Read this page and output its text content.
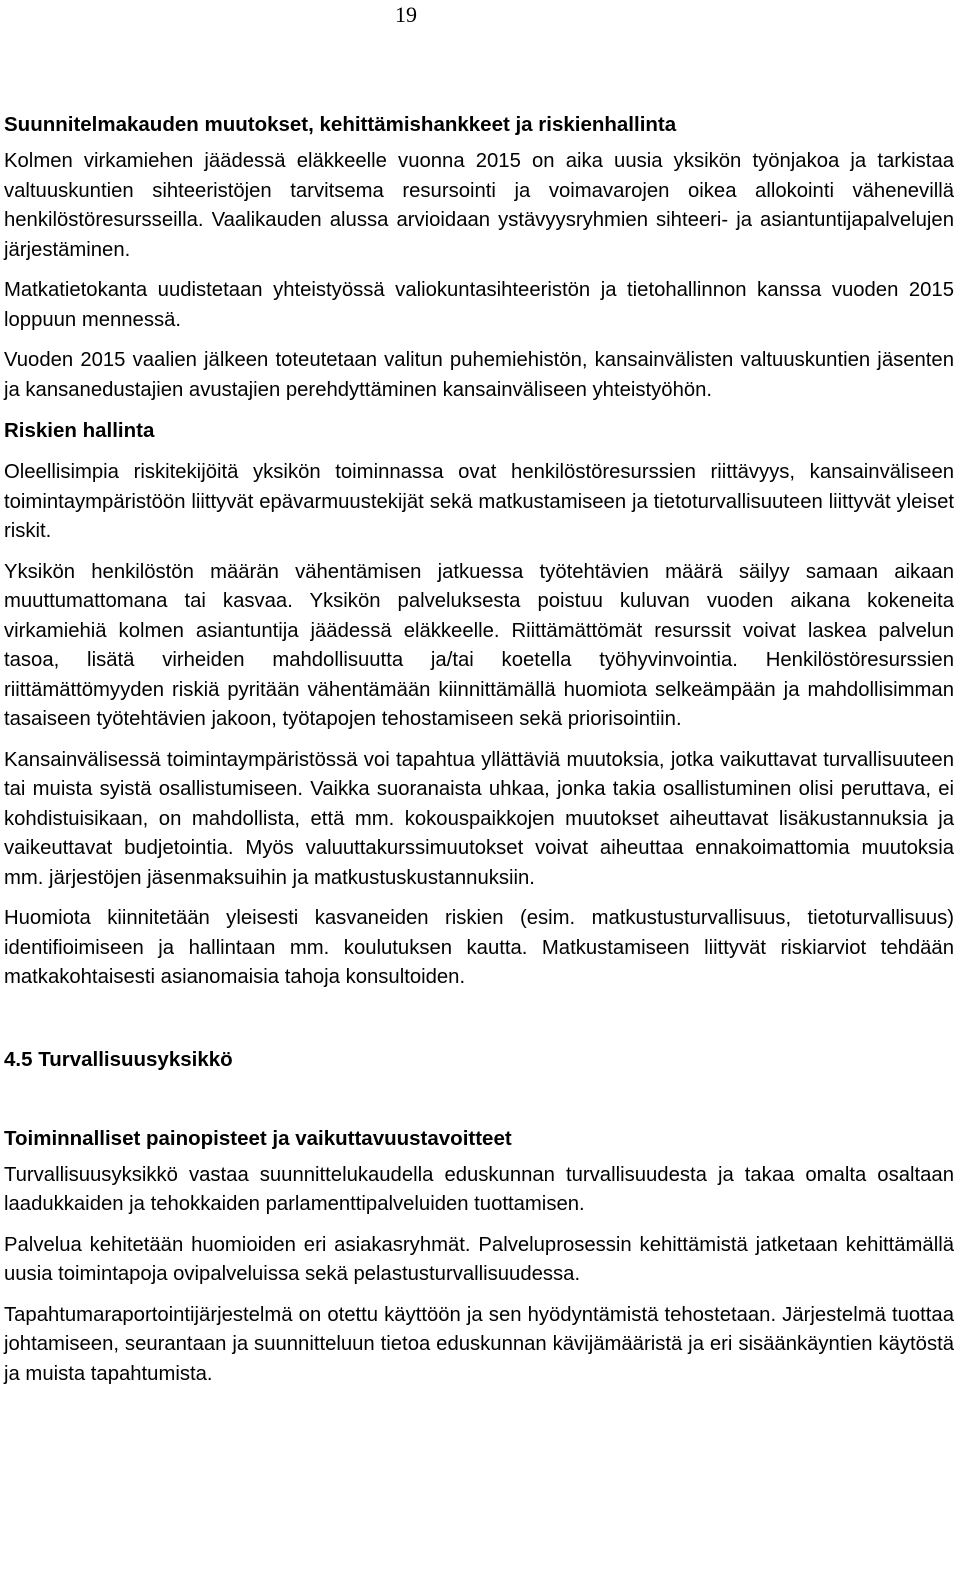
19
Suunnitelmakauden muutokset, kehittämishankkeet ja riskienhallinta

Kolmen virkamiehen jäädessä eläkkeelle vuonna 2015 on aika uusia yksikön työnjakoa ja tarkistaa valtuuskuntien sihteeristöjen tarvitsema resursointi ja voimavarojen oikea allokointi vähenevillä henkilöstöresursseilla. Vaalikauden alussa arvioidaan ystävyysryhmien sihteeri- ja asiantuntijapalvelujen järjestäminen.

Matkatietokanta uudistetaan yhteistyössä valiokuntasihteeristön ja tietohallinnon kanssa vuoden 2015 loppuun mennessä.

Vuoden 2015 vaalien jälkeen toteutetaan valitun puhemiehistön, kansainvälisten valtuuskuntien jäsenten ja kansanedustajien avustajien perehdyttäminen kansainväliseen yhteistyöhön.

Riskien hallinta

Oleellisimpia riskitekijöitä yksikön toiminnassa ovat henkilöstöresurssien riittävyys, kansainväliseen toimintaympäristöön liittyvät epävarmuustekijät sekä matkustamiseen ja tietoturvallisuuteen liittyvät yleiset riskit.

Yksikön henkilöstön määrän vähentämisen jatkuessa työtehtävien määrä säilyy samaan aikaan muuttumattomana tai kasvaa. Yksikön palveluksesta poistuu kuluvan vuoden aikana kokeneita virkamiehiä kolmen asiantuntija jäädessä eläkkeelle. Riittämättömät resurssit voivat laskea palvelun tasoa, lisätä virheiden mahdollisuutta ja/tai koetella työhyvinvointia. Henkilöstöresurssien riittämättömyyden riskiä pyritään vähentämään kiinnittämällä huomiota selkeämpään ja mahdollisimman tasaiseen työtehtävien jakoon, työtapojen tehostamiseen sekä priorisointiin.

Kansainvälisessä toimintaympäristössä voi tapahtua yllättäviä muutoksia, jotka vaikuttavat turvallisuuteen tai muista syistä osallistumiseen. Vaikka suoranaista uhkaa, jonka takia osallistuminen olisi peruttava, ei kohdistuisikaan, on mahdollista, että mm. kokouspaikkojen muutokset aiheuttavat lisäkustannuksia ja vaikeuttavat budjetointia. Myös valuuttakurssimuutokset voivat aiheuttaa ennakoimattomia muutoksia mm. järjestöjen jäsenmaksuihin ja matkustuskustannuksiin.

Huomiota kiinnitetään yleisesti kasvaneiden riskien (esim. matkustusturvallisuus, tietoturvallisuus) identifioimiseen ja hallintaan mm. koulutuksen kautta. Matkustamiseen liittyvät riskiarviot tehdään matkakohtaisesti asianomaisia tahoja konsultoiden.

4.5 Turvallisuusyksikkö
Toiminnalliset painopisteet ja vaikuttavuustavoitteet

Turvallisuusyksikkö vastaa suunnittelukaudella eduskunnan turvallisuudesta ja takaa omalta osaltaan laadukkaiden ja tehokkaiden parlamenttipalveluiden tuottamisen.

Palvelua kehitetään huomioiden eri asiakasryhmät. Palveluprosessin kehittämistä jatketaan kehittämällä uusia toimintapoja ovipalveluissa sekä pelastusturvallisuudessa.

Tapahtumaraportointijärjestelmä on otettu käyttöön ja sen hyödyntämistä tehostetaan. Järjestelmä tuottaa johtamiseen, seurantaan ja suunnitteluun tietoa eduskunnan kävijämääristä ja eri sisäänkäyntien käytöstä ja muista tapahtumista.
